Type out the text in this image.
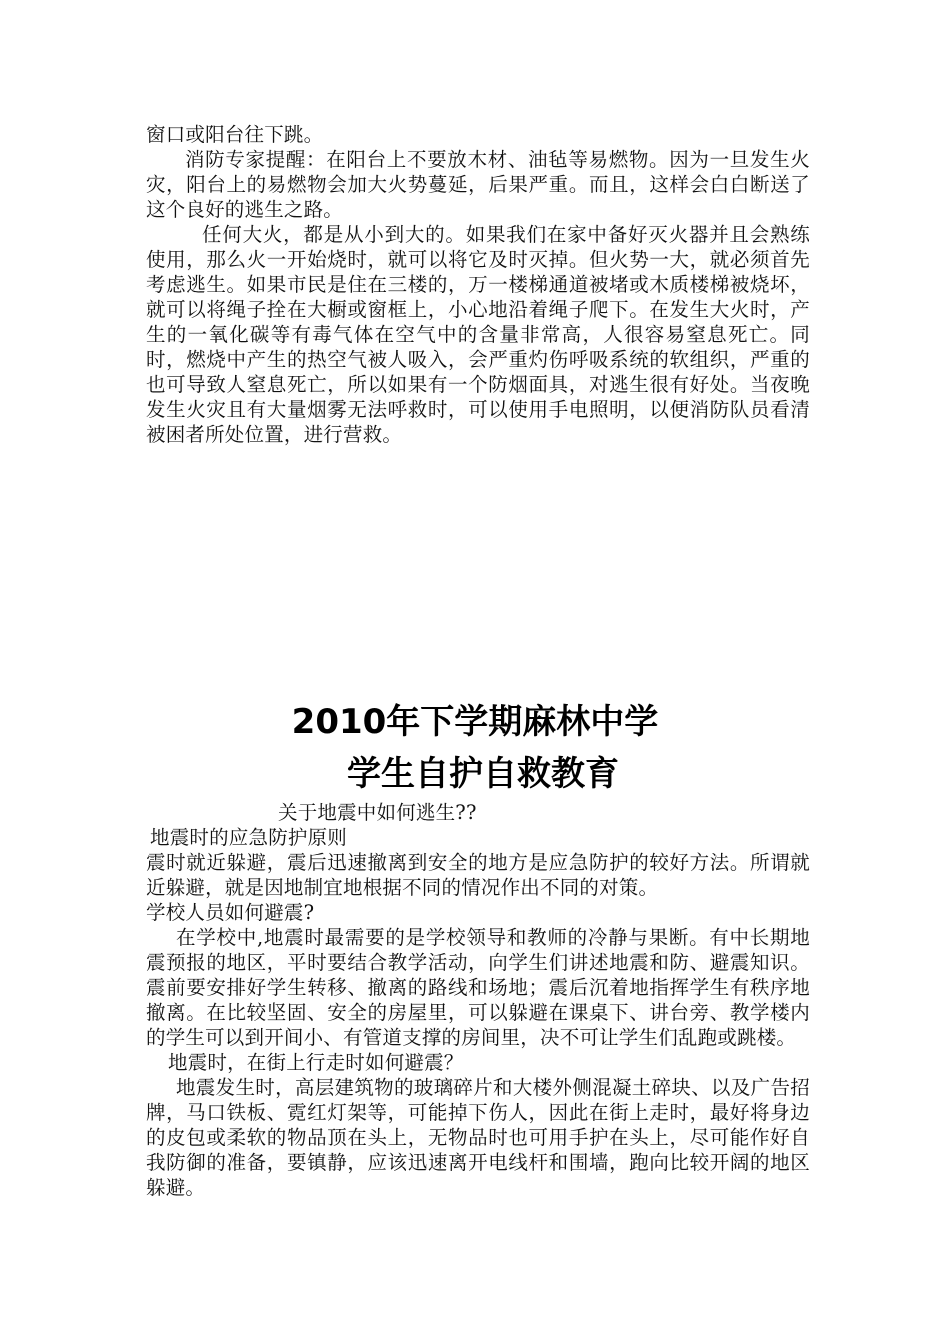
窗口或阳台往下跳。

消防专家提醒：在阳台上不要放木材、油毡等易燃物。因为一旦发生火灾，阳台上的易燃物会加大火势蔓延，后果严重。而且，这样会白白断送了这个良好的逃生之路。

任何大火，都是从小到大的。如果我们在家中备好灭火器并且会熟练使用，那么火一开始烧时，就可以将它及时灭掉。但火势一大，就必须首先考虑逃生。如果市民是住在三楼的，万一楼梯通道被堵或木质楼梯被烧坏，就可以将绳子拴在大橱或窗框上，小心地沿着绳子爬下。在发生大火时，产生的一氧化碳等有毒气体在空气中的含量非常高，人很容易窒息死亡。同时，燃烧中产生的热空气被人吸入，会严重灼伤呼吸系统的软组织，严重的也可导致人窒息死亡，所以如果有一个防烟面具，对逃生很有好处。当夜晚发生火灾且有大量烟雾无法呼救时，可以使用手电照明，以便消防队员看清被困者所处位置，进行营救。

2010年下学期麻林中学
学生自护自救教育

关于地震中如何逃生??

地震时的应急防护原则

震时就近躲避，震后迅速撤离到安全的地方是应急防护的较好方法。所谓就近躲避，就是因地制宜地根据不同的情况作出不同的对策。

学校人员如何避震?

在学校中,地震时最需要的是学校领导和教师的冷静与果断。有中长期地震预报的地区，平时要结合教学活动，向学生们讲述地震和防、避震知识。震前要安排好学生转移、撤离的路线和场地；震后沉着地指挥学生有秩序地撤离。在比较坚固、安全的房屋里，可以躲避在课桌下、讲台旁、教学楼内的学生可以到开间小、有管道支撑的房间里，决不可让学生们乱跑或跳楼。

地震时，在街上行走时如何避震？

地震发生时，高层建筑物的玻璃碎片和大楼外侧混凝土碎块、以及广告招牌，马口铁板、霓红灯架等，可能掉下伤人，因此在街上走时，最好将身边的皮包或柔软的物品顶在头上，无物品时也可用手护在头上，尽可能作好自我防御的准备，要镇静，应该迅速离开电线杆和围墙，跑向比较开阔的地区躲避。
